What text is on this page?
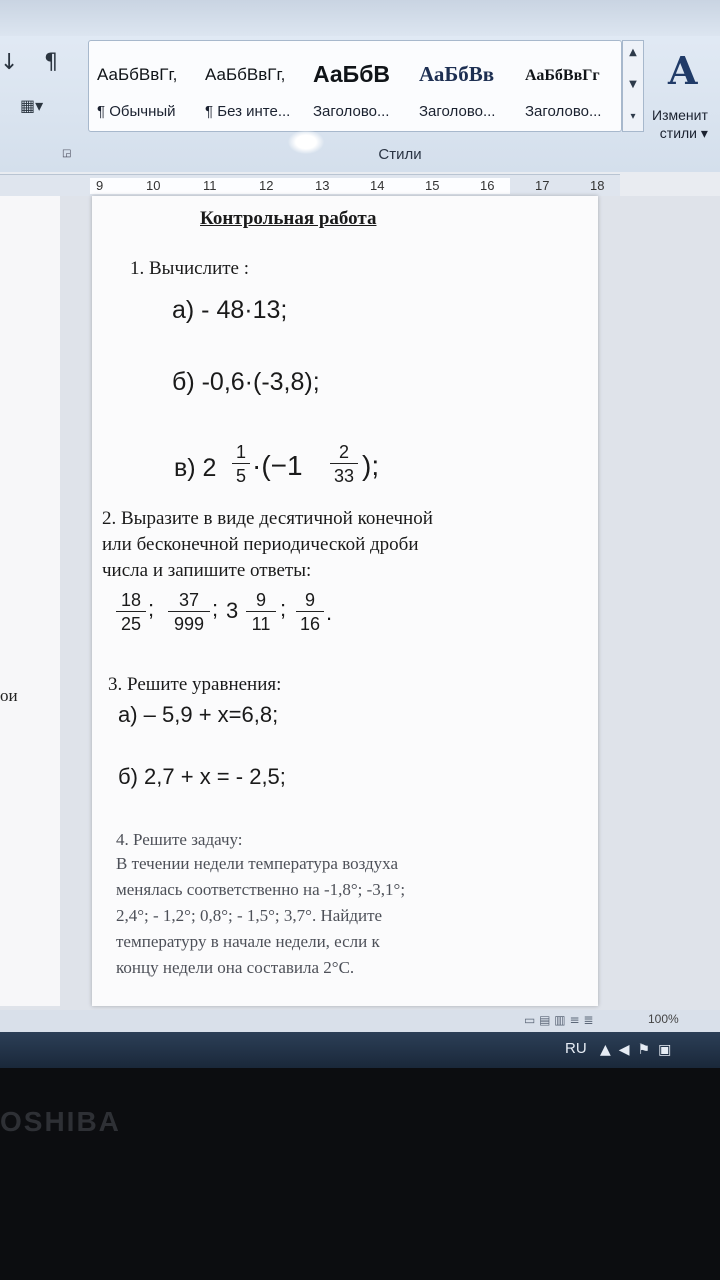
↓ ¶
▦▾
◲
АаБбВвГг,
¶ Обычный
АаБбВвГг,
¶ Без инте...
АаБбВ
Заголово...
АаБбВв
Заголово...
АаБбВвГг
Заголово...
▲
▼
▾
A
Изменит
стили ▾
Стили
9	10	11	12	13	14	15	16	17	18
ои
Контрольная работа
1. Вычислите :
а) - 48·13;
б) -0,6·(-3,8);
в) $2 \frac{1}{5} \cdot(-1 \frac{2}{33}$ );
2. Выразите в виде десятичной конечной
или бесконечной периодической дроби
числа и запишите ответы:
$\frac{18}{25}$ ; $\frac{37}{999}$ ; $3 \frac{9}{11}$ ; $\frac{9}{16}$ .
3. Решите уравнения:
а) – 5,9 + х=6,8;
б) 2,7 + х = - 2,5;
4. Решите задачу:
В течении недели температура воздуха
менялась соответственно на -1,8°; -3,1°;
2,4°; - 1,2°; 0,8°; - 1,5°; 3,7°. Найдите
температуру в начале недели, если к
концу недели она составила 2°С.
▭ ▤ ▥ ≡ ≣	100%
RU ▲◀⚑▣
OSHIBA
